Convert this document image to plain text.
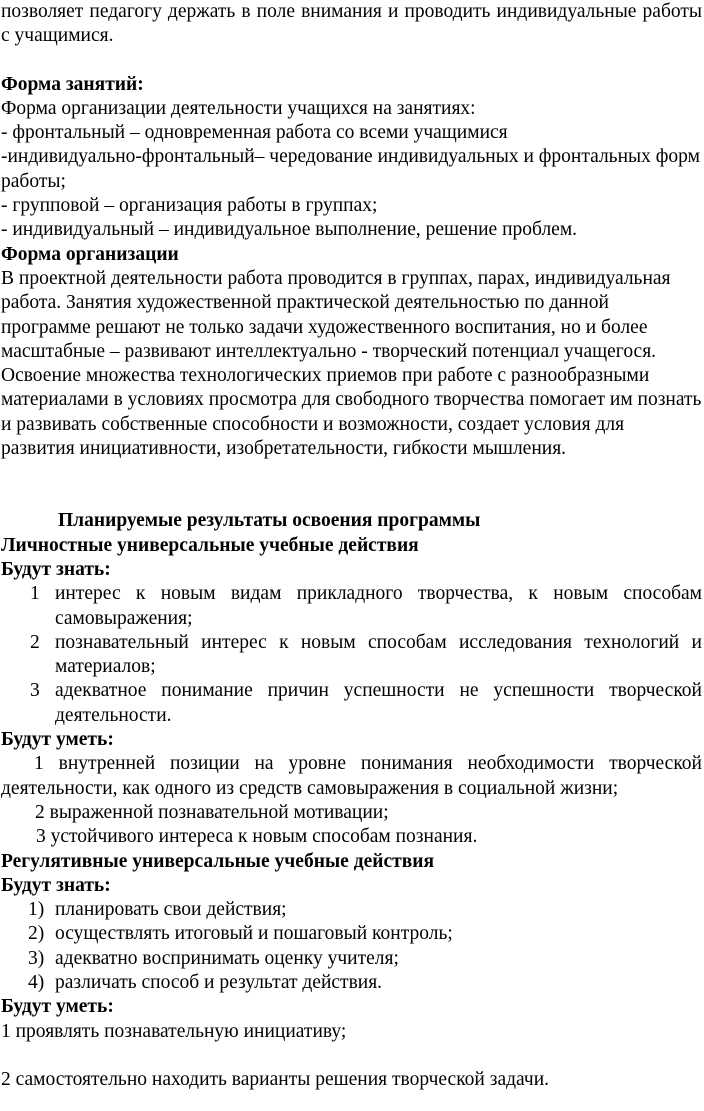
позволяет педагогу держать в поле внимания и проводить индивидуальные работы с учащимися.

Форма занятий:

Форма организации деятельности учащихся на занятиях:

- фронтальный – одновременная работа со всеми учащимися

-индивидуально-фронтальный– чередование индивидуальных и фронтальных форм работы;

- групповой – организация работы в группах;

- индивидуальный – индивидуальное выполнение, решение проблем.

Форма организации

В проектной деятельности работа проводится в группах, парах, индивидуальная работа. Занятия художественной практической деятельностью по данной программе решают не только задачи художественного воспитания, но и более масштабные – развивают интеллектуально - творческий потенциал учащегося. Освоение множества технологических приемов при работе с разнообразными материалами в условиях просмотра для свободного творчества помогает им познать и развивать собственные способности и возможности, создает условия для развития инициативности, изобретательности, гибкости мышления.

Планируемые результаты освоения программы

Личностные универсальные учебные действия

Будут знать:

1 интерес к новым видам прикладного творчества, к новым способам самовыражения;
2 познавательный интерес к новым способам исследования технологий и материалов;
3 адекватное понимание причин успешности не успешности творческой деятельности.

Будут уметь:

1 внутренней позиции на уровне понимания необходимости творческой деятельности, как одного из средств самовыражения в социальной жизни;

2 выраженной познавательной мотивации;

3 устойчивого интереса к новым способам познания.

Регулятивные универсальные учебные действия

Будут знать:

1) планировать свои действия;
2) осуществлять итоговый и пошаговый контроль;
3) адекватно воспринимать оценку учителя;
4) различать способ и результат действия.

Будут уметь:

1 проявлять познавательную инициативу;

2 самостоятельно находить варианты решения творческой задачи.
